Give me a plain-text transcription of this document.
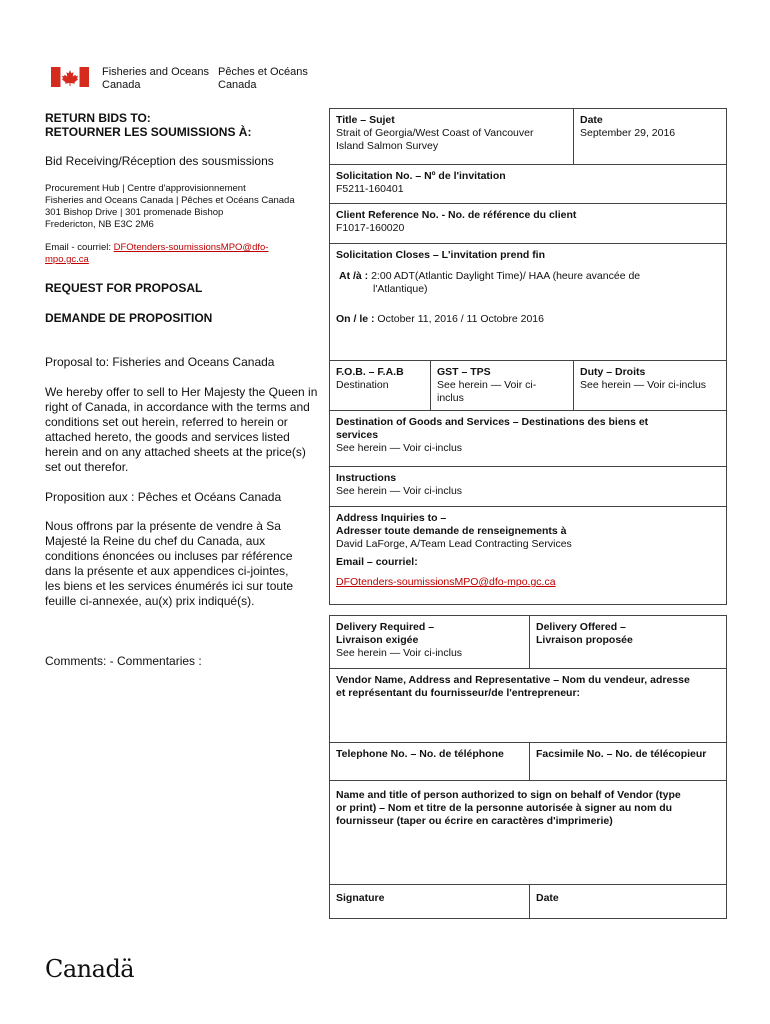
Fisheries and Oceans
Canada
Pêches et Océans
Canada
RETURN BIDS TO:
RETOURNER LES SOUMISSIONS À:
Bid Receiving/Réception des sousmissions
Procurement Hub | Centre d'approvisionnement
Fisheries and Oceans Canada | Pêches et Océans Canada
301 Bishop Drive | 301 promenade Bishop
Fredericton, NB E3C 2M6
Email - courriel: DFOtenders-soumissionsMPO@dfo-
mpo.gc.ca
REQUEST FOR PROPOSAL
DEMANDE DE PROPOSITION
Proposal to: Fisheries and Oceans Canada
We hereby offer to sell to Her Majesty the Queen in right of Canada, in accordance with the terms and conditions set out herein, referred to herein or attached hereto, the goods and services listed herein and on any attached sheets at the price(s) set out therefor.
Proposition aux : Pêches et Océans Canada
Nous offrons par la présente de vendre à Sa Majesté la Reine du chef du Canada, aux conditions énoncées ou incluses par référence dans la présente et aux appendices ci-jointes, les biens et les services énumérés ici sur toute feuille ci-annexée, au(x) prix indiqué(s).
Comments: - Commentaries :
Title – Sujet
Strait of Georgia/West Coast of Vancouver Island Salmon Survey
Date
September 29, 2016
Solicitation No. – Nº de l'invitation
F5211-160401
Client Reference No. - No. de référence du client
F1017-160020
Solicitation Closes – L'invitation prend fin
At /à : 2:00 ADT(Atlantic Daylight Time)/ HAA (heure avancée de
l'Atlantique)
On / le : October 11, 2016 / 11 Octobre 2016
F.O.B. – F.A.B
Destination
GST – TPS
See herein — Voir ci-
inclus
Duty – Droits
See herein — Voir ci-inclus
Destination of Goods and Services – Destinations des biens et
services
See herein — Voir ci-inclus
Instructions
See herein — Voir ci-inclus
Address Inquiries to –
Adresser toute demande de renseignements à
David LaForge, A/Team Lead Contracting Services
Email – courriel:
DFOtenders-soumissionsMPO@dfo-mpo.gc.ca
Delivery Required –
Livraison exigée
See herein — Voir ci-inclus
Delivery Offered –
Livraison proposée
Vendor Name, Address and Representative – Nom du vendeur, adresse
et représentant du fournisseur/de l'entrepreneur:
Telephone No. – No. de téléphone	Facsimile No. – No. de télécopieur
Name and title of person authorized to sign on behalf of Vendor (type
or print) – Nom et titre de la personne autorisée à signer au nom du
fournisseur (taper ou écrire en caractères d'imprimerie)
Signature	Date
Canadä
